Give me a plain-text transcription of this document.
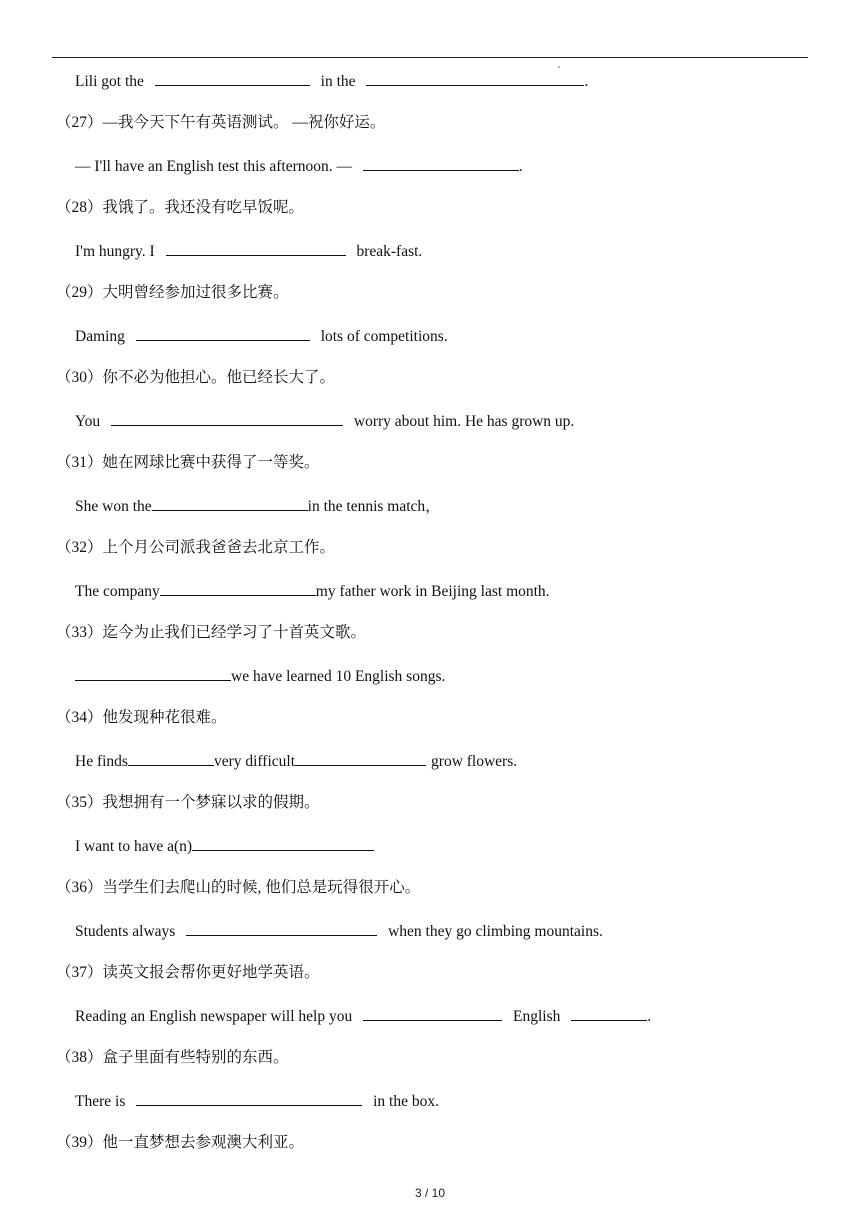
Lili got the	in the	.
（27）—我今天下午有英语测试。 —祝你好运。
— I'll have an English test this afternoon. —	.
（28）我饿了。我还没有吃早饭呢。
I'm hungry. I	break-fast.
（29）大明曾经参加过很多比赛。
Daming	lots of competitions.
（30）你不必为他担心。他已经长大了。
You	worry about him. He has grown up.
（31）她在网球比赛中获得了一等奖。
She won the	in the tennis match，
（32）上个月公司派我爸爸去北京工作。
The company	my father work in Beijing last month.
（33）迄今为止我们已经学习了十首英文歌。
we have learned 10 English songs.
（34）他发现种花很难。
He finds	very difficult	grow flowers.
（35）我想拥有一个梦寐以求的假期。
I want to have a(n)
（36）当学生们去爬山的时候, 他们总是玩得很开心。
Students always	when they go climbing mountains.
（37）读英文报会帮你更好地学英语。
Reading an English newspaper will help you	English	.
（38）盒子里面有些特别的东西。
There is	in the box.
（39）他一直梦想去参观澳大利亚。
3 / 10
